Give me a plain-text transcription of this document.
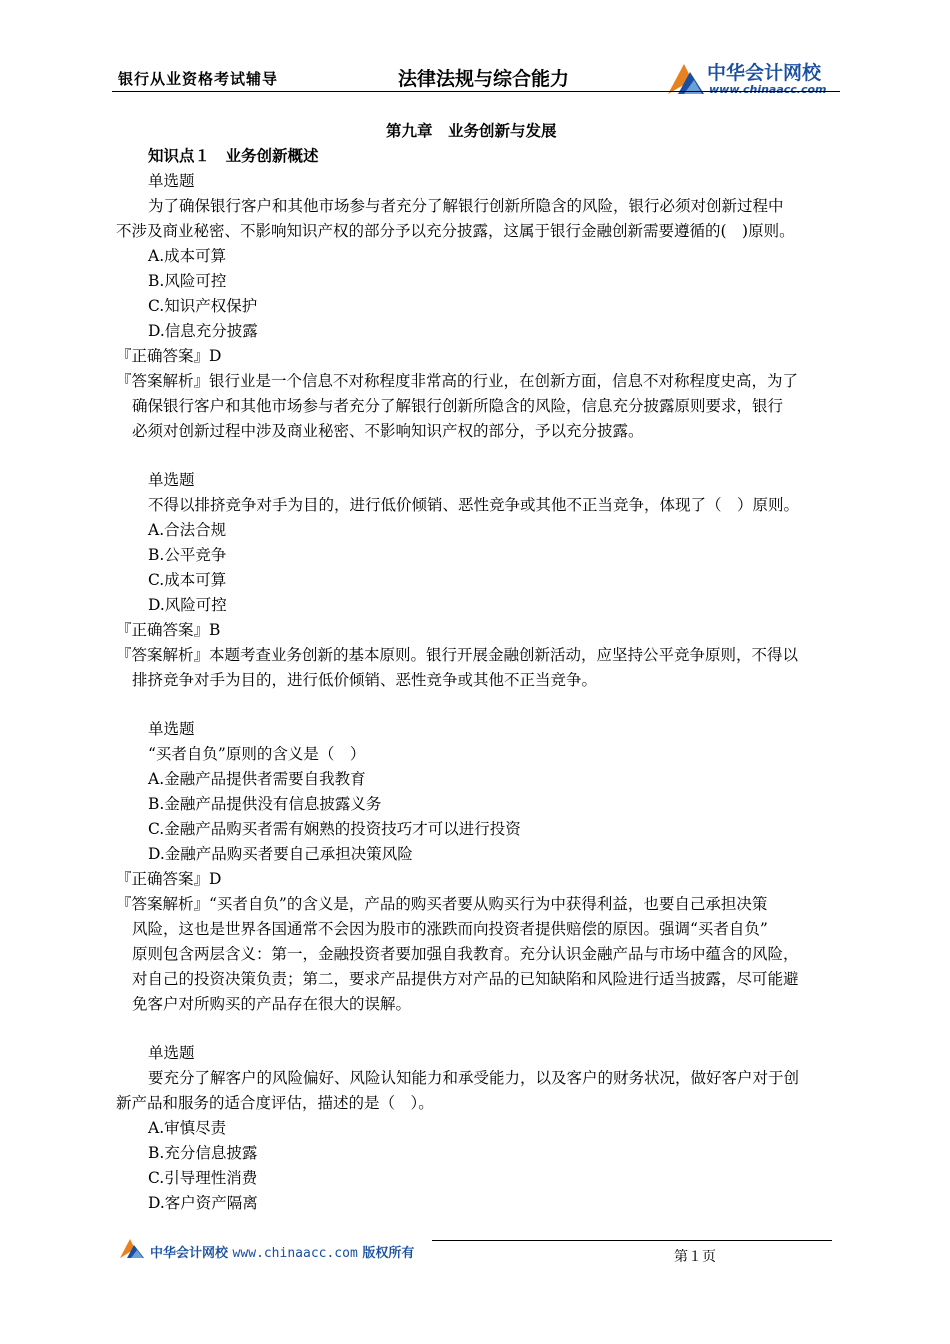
银行从业资格考试辅导	法律法规与综合能力	中华会计网校
www.chinaacc.com
第九章　业务创新与发展
知识点１　业务创新概述
单选题
为了确保银行客户和其他市场参与者充分了解银行创新所隐含的风险，银行必须对创新过程中
不涉及商业秘密、不影响知识产权的部分予以充分披露，这属于银行金融创新需要遵循的(　)原则。
A.成本可算
B.风险可控
C.知识产权保护
D.信息充分披露
『正确答案』D
『答案解析』银行业是一个信息不对称程度非常高的行业，在创新方面，信息不对称程度史高，为了
确保银行客户和其他市场参与者充分了解银行创新所隐含的风险，信息充分披露原则要求，银行
必须对创新过程中涉及商业秘密、不影响知识产权的部分，予以充分披露。
单选题
不得以排挤竞争对手为目的，进行低价倾销、恶性竞争或其他不正当竞争，体现了（　）原则。
A.合法合规
B.公平竞争
C.成本可算
D.风险可控
『正确答案』B
『答案解析』本题考查业务创新的基本原则。银行开展金融创新活动，应坚持公平竞争原则，不得以
排挤竞争对手为目的，进行低价倾销、恶性竞争或其他不正当竞争。
单选题
“买者自负”原则的含义是（　）
A.金融产品提供者需要自我教育
B.金融产品提供没有信息披露义务
C.金融产品购买者需有娴熟的投资技巧才可以进行投资
D.金融产品购买者要自己承担决策风险
『正确答案』D
『答案解析』“买者自负”的含义是，产品的购买者要从购买行为中获得利益，也要自己承担决策
风险，这也是世界各国通常不会因为股市的涨跌而向投资者提供赔偿的原因。强调“买者自负”
原则包含两层含义：第一，金融投资者要加强自我教育。充分认识金融产品与市场中蕴含的风险，
对自己的投资决策负责；第二，要求产品提供方对产品的已知缺陷和风险进行适当披露，尽可能避
免客户对所购买的产品存在很大的误解。
单选题
要充分了解客户的风险偏好、风险认知能力和承受能力，以及客户的财务状况，做好客户对于创
新产品和服务的适合度评估，描述的是（　）。
A.审慎尽责
B.充分信息披露
C.引导理性消费
D.客户资产隔离
中华会计网校 www.chinaacc.com 版权所有	第１页
